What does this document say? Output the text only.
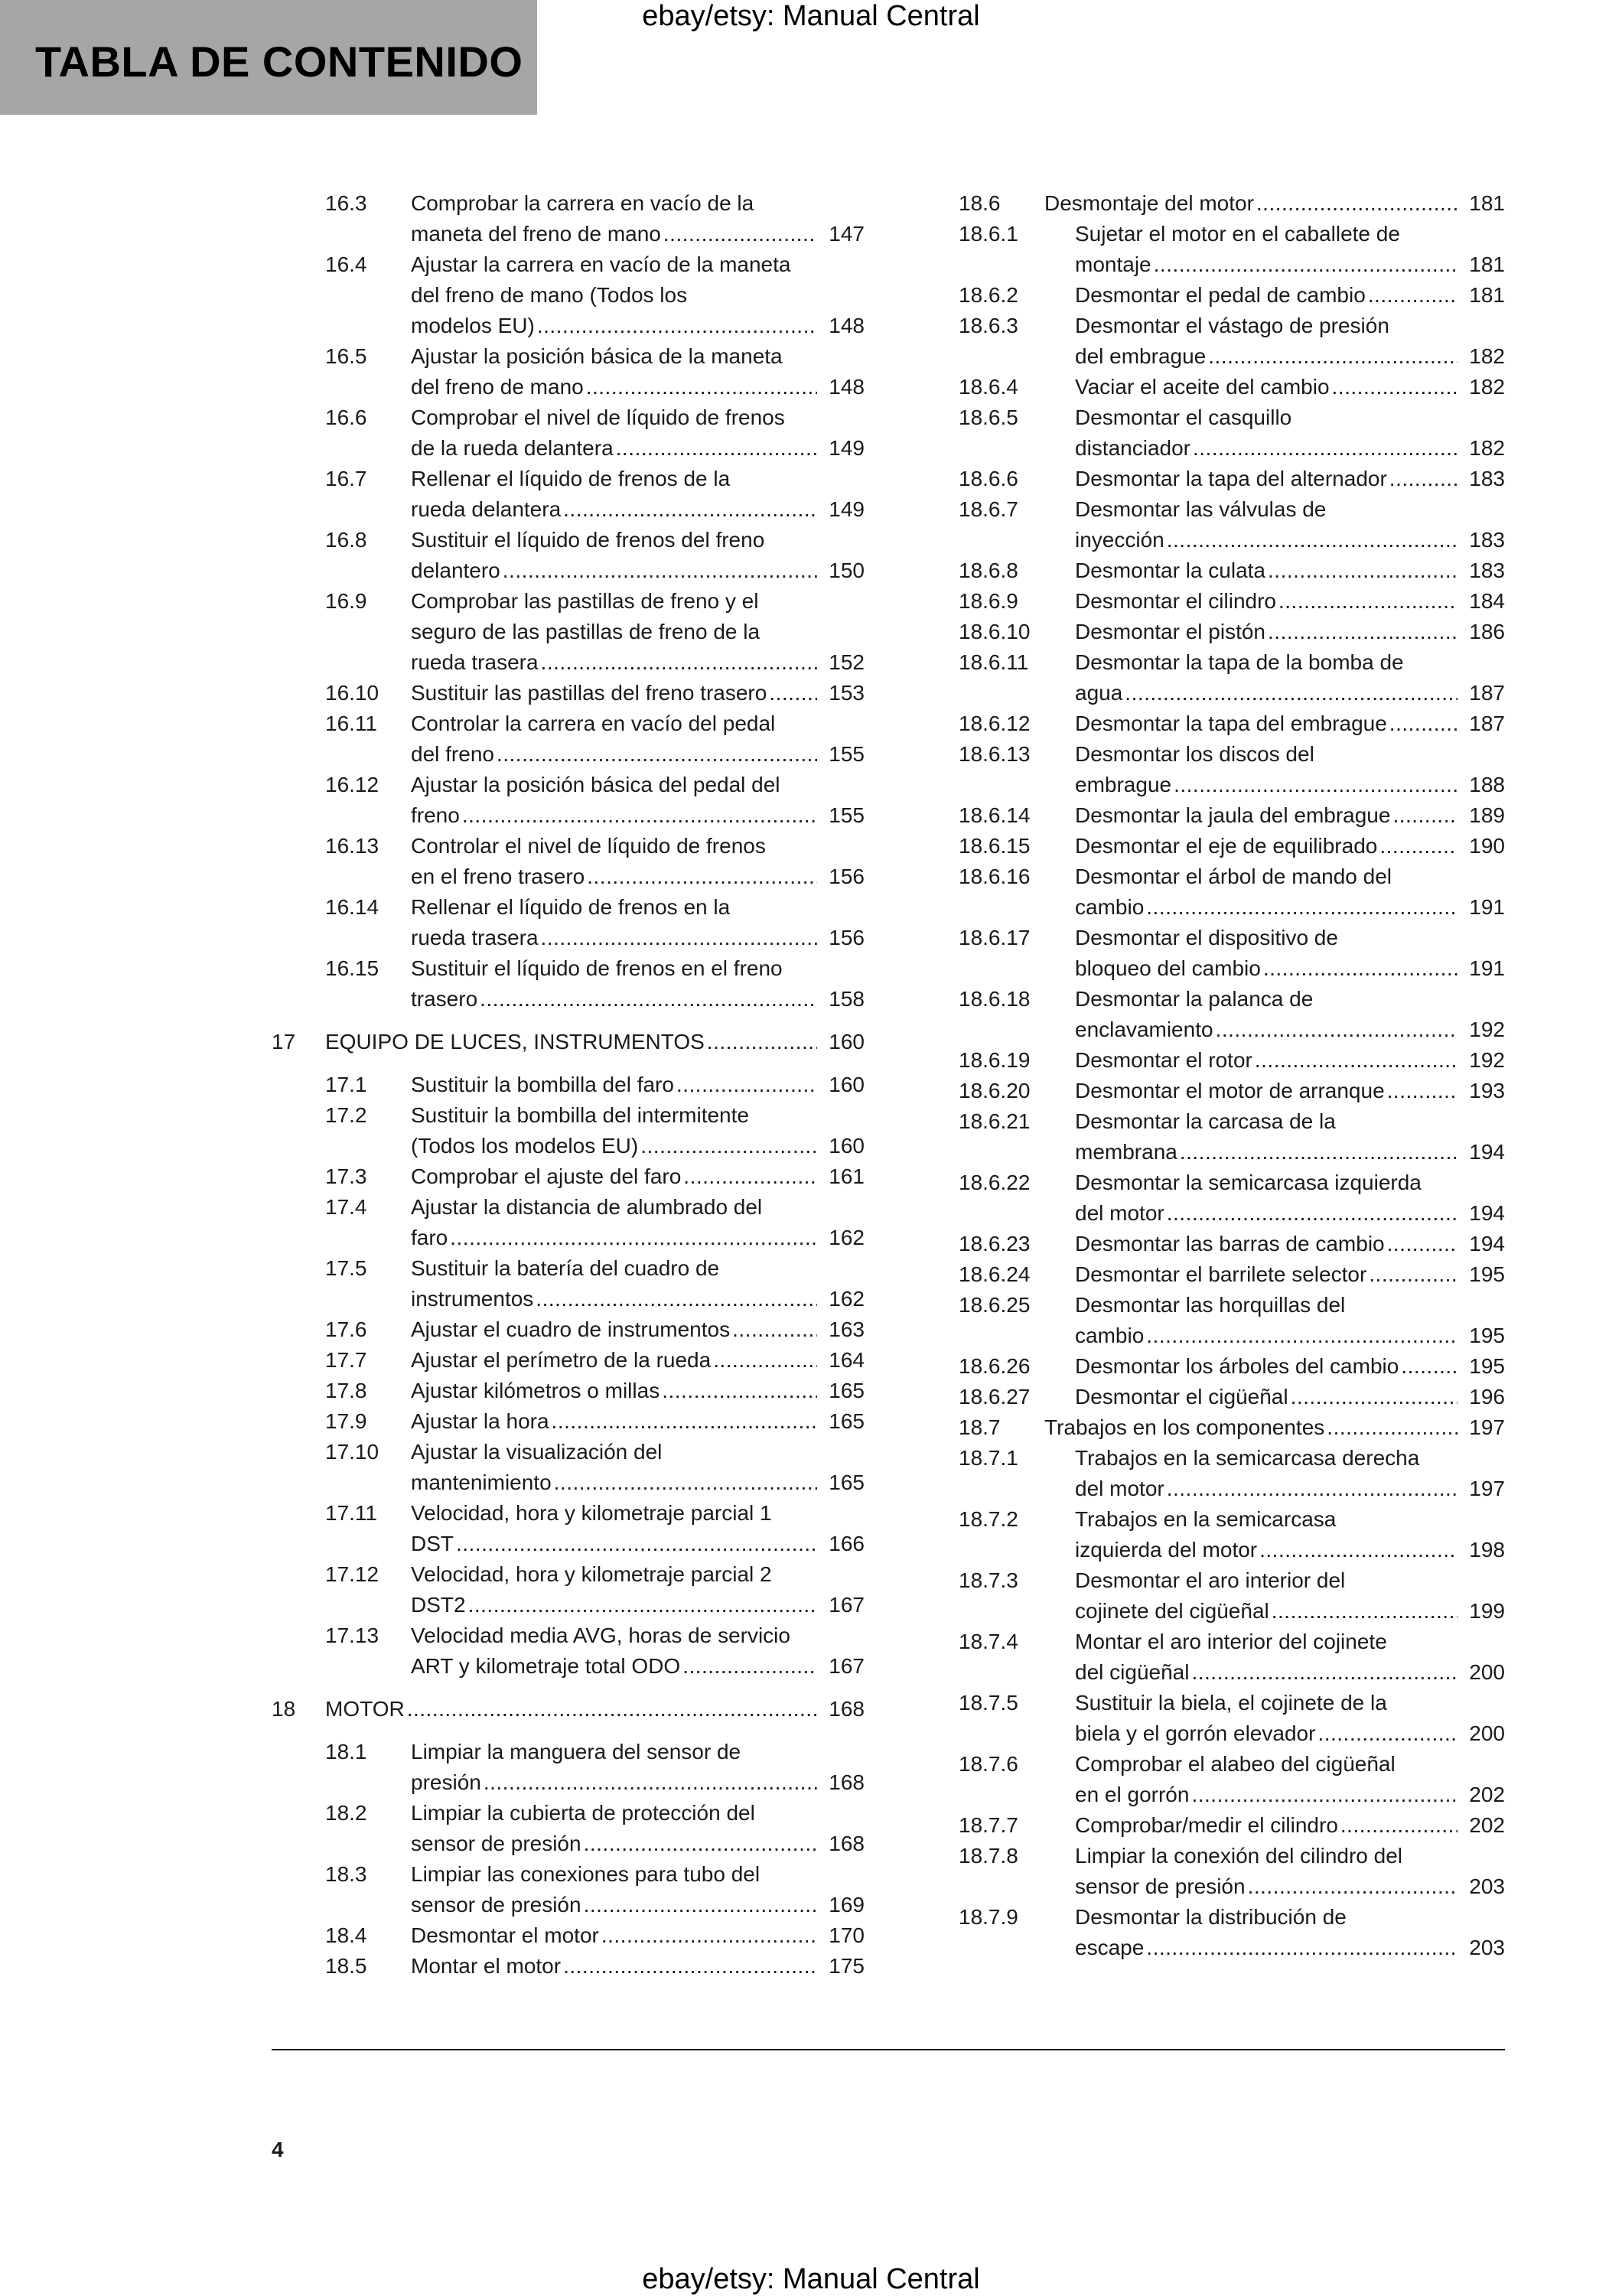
TABLA DE CONTENIDO
ebay/etsy: Manual Central
16.3	Comprobar la carrera en vacío de la
maneta del freno de mano .....	147
16.4	Ajustar la carrera en vacío de la maneta
del freno de mano (Todos los
modelos EU) .....	148
16.5	Ajustar la posición básica de la maneta
del freno de mano .....	148
16.6	Comprobar el nivel de líquido de frenos
de la rueda delantera .....	149
16.7	Rellenar el líquido de frenos de la
rueda delantera .....	149
16.8	Sustituir el líquido de frenos del freno
delantero .....	150
16.9	Comprobar las pastillas de freno y el
seguro de las pastillas de freno de la
rueda trasera .....	152
16.10	Sustituir las pastillas del freno trasero .....	153
16.11	Controlar la carrera en vacío del pedal
del freno .....	155
16.12	Ajustar la posición básica del pedal del
freno .....	155
16.13	Controlar el nivel de líquido de frenos
en el freno trasero .....	156
16.14	Rellenar el líquido de frenos en la
rueda trasera .....	156
16.15	Sustituir el líquido de frenos en el freno
trasero .....	158
17	EQUIPO DE LUCES, INSTRUMENTOS .....	160
17.1	Sustituir la bombilla del faro .....	160
17.2	Sustituir la bombilla del intermitente
(Todos los modelos EU) .....	160
17.3	Comprobar el ajuste del faro .....	161
17.4	Ajustar la distancia de alumbrado del
faro .....	162
17.5	Sustituir la batería del cuadro de
instrumentos .....	162
17.6	Ajustar el cuadro de instrumentos .....	163
17.7	Ajustar el perímetro de la rueda .....	164
17.8	Ajustar kilómetros o millas .....	165
17.9	Ajustar la hora .....	165
17.10	Ajustar la visualización del
mantenimiento .....	165
17.11	Velocidad, hora y kilometraje parcial 1
DST .....	166
17.12	Velocidad, hora y kilometraje parcial 2
DST2 .....	167
17.13	Velocidad media AVG, horas de servicio
ART y kilometraje total ODO .....	167
18	MOTOR .....	168
18.1	Limpiar la manguera del sensor de
presión .....	168
18.2	Limpiar la cubierta de protección del
sensor de presión .....	168
18.3	Limpiar las conexiones para tubo del
sensor de presión .....	169
18.4	Desmontar el motor .....	170
18.5	Montar el motor .....	175
18.6	Desmontaje del motor .....	181
18.6.1	Sujetar el motor en el caballete de
montaje .....	181
18.6.2	Desmontar el pedal de cambio .....	181
18.6.3	Desmontar el vástago de presión
del embrague .....	182
18.6.4	Vaciar el aceite del cambio .....	182
18.6.5	Desmontar el casquillo
distanciador .....	182
18.6.6	Desmontar la tapa del alternador .....	183
18.6.7	Desmontar las válvulas de
inyección .....	183
18.6.8	Desmontar la culata .....	183
18.6.9	Desmontar el cilindro .....	184
18.6.10	Desmontar el pistón .....	186
18.6.11	Desmontar la tapa de la bomba de
agua .....	187
18.6.12	Desmontar la tapa del embrague .....	187
18.6.13	Desmontar los discos del
embrague .....	188
18.6.14	Desmontar la jaula del embrague .....	189
18.6.15	Desmontar el eje de equilibrado .....	190
18.6.16	Desmontar el árbol de mando del
cambio .....	191
18.6.17	Desmontar el dispositivo de
bloqueo del cambio .....	191
18.6.18	Desmontar la palanca de
enclavamiento .....	192
18.6.19	Desmontar el rotor .....	192
18.6.20	Desmontar el motor de arranque .....	193
18.6.21	Desmontar la carcasa de la
membrana .....	194
18.6.22	Desmontar la semicarcasa izquierda
del motor .....	194
18.6.23	Desmontar las barras de cambio .....	194
18.6.24	Desmontar el barrilete selector .....	195
18.6.25	Desmontar las horquillas del
cambio .....	195
18.6.26	Desmontar los árboles del cambio .....	195
18.6.27	Desmontar el cigüeñal .....	196
18.7	Trabajos en los componentes .....	197
18.7.1	Trabajos en la semicarcasa derecha
del motor .....	197
18.7.2	Trabajos en la semicarcasa
izquierda del motor .....	198
18.7.3	Desmontar el aro interior del
cojinete del cigüeñal .....	199
18.7.4	Montar el aro interior del cojinete
del cigüeñal .....	200
18.7.5	Sustituir la biela, el cojinete de la
biela y el gorrón elevador .....	200
18.7.6	Comprobar el alabeo del cigüeñal
en el gorrón .....	202
18.7.7	Comprobar/medir el cilindro .....	202
18.7.8	Limpiar la conexión del cilindro del
sensor de presión .....	203
18.7.9	Desmontar la distribución de
escape .....	203
4
ebay/etsy: Manual Central
